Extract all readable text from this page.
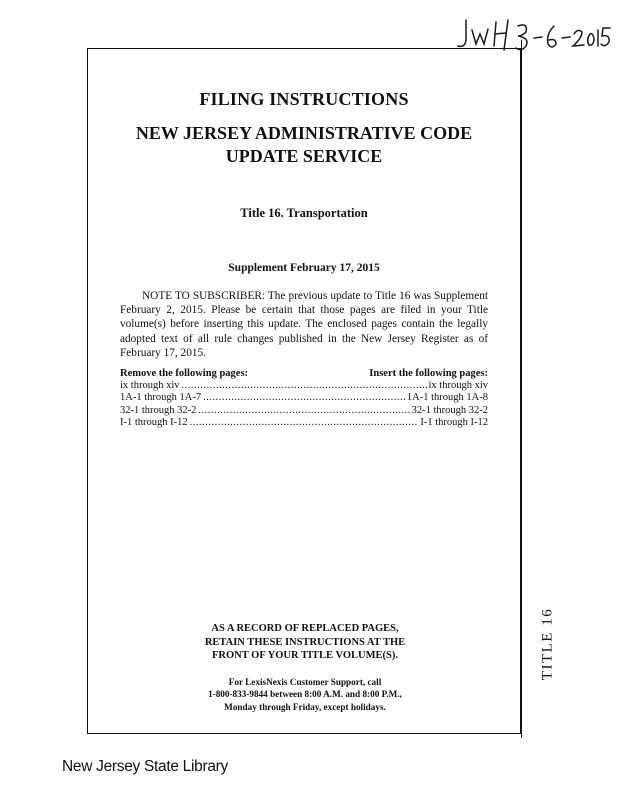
FILING INSTRUCTIONS
NEW JERSEY ADMINISTRATIVE CODE
UPDATE SERVICE
Title 16. Transportation
Supplement February 17, 2015
NOTE TO SUBSCRIBER: The previous update to Title 16 was Supplement February 2, 2015. Please be certain that those pages are filed in your Title volume(s) before inserting this update. The enclosed pages contain the legally adopted text of all rule changes published in the New Jersey Register as of February 17, 2015.
Remove the following pages:	Insert the following pages:
ix through xiv .....	ix through xiv
1A-1 through 1A-7 .....	1A-1 through 1A-8
32-1 through 32-2 .....	32-1 through 32-2
I-1 through I-12 .....	I-1 through I-12
AS A RECORD OF REPLACED PAGES,
RETAIN THESE INSTRUCTIONS AT THE
FRONT OF YOUR TITLE VOLUME(S).
For LexisNexis Customer Support, call
1-800-833-9844 between 8:00 A.M. and 8:00 P.M.,
Monday through Friday, except holidays.
TITLE 16
New Jersey State Library
